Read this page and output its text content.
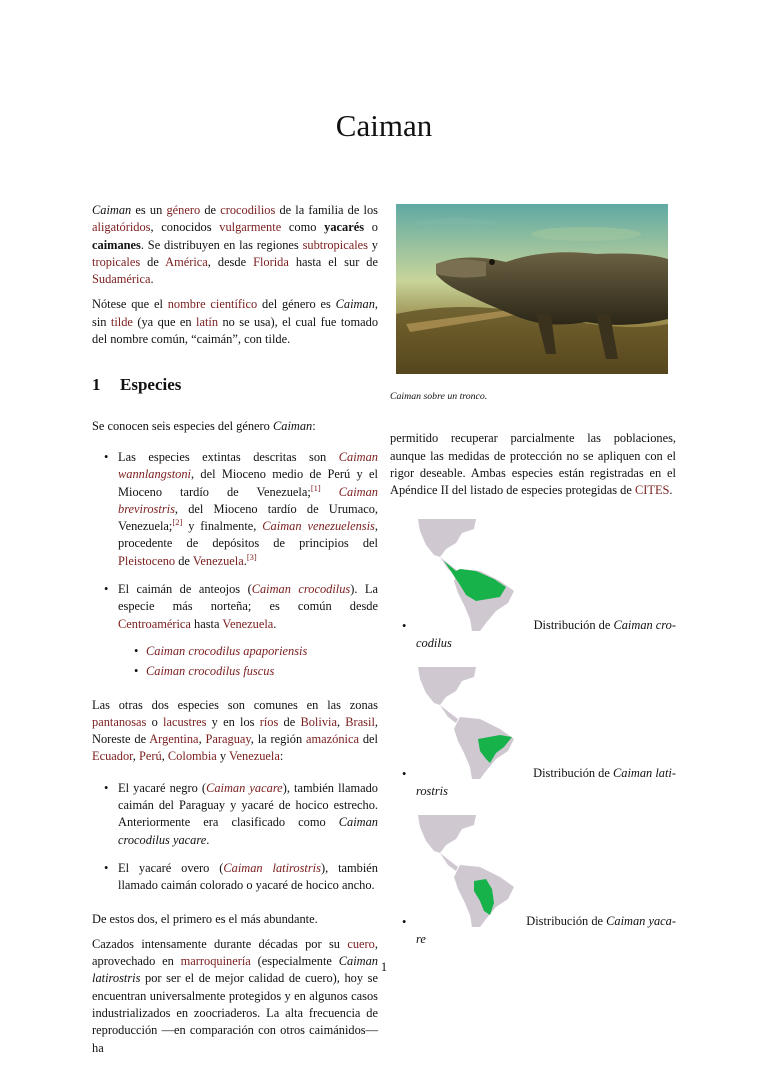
Caiman

Caiman es un género de crocodilios de la familia de los aligatóridos, conocidos vulgarmente como yacarés o caimanes. Se distribuyen en las regiones subtropicales y tropicales de América, desde Florida hasta el sur de Sudamérica.

Nótese que el nombre científico del género es Caiman, sin tilde (ya que en latín no se usa), el cual fue tomado del nombre común, “caimán”, con tilde.

1 Especies

Se conocen seis especies del género Caiman:

• Las especies extintas descritas son Caiman wannlangstoni, del Mioceno medio de Perú y el Mioceno tardío de Venezuela;[1] Caiman brevirostris, del Mioceno tardío de Urumaco, Venezuela;[2] y finalmente, Caiman venezuelensis, procedente de depósitos de principios del Pleistoceno de Venezuela.[3]
• El caimán de anteojos (Caiman crocodilus). La especie más norteña; es común desde Centroamérica hasta Venezuela.
• Caiman crocodilus apaporiensis
• Caiman crocodilus fuscus

Las otras dos especies son comunes en las zonas pantanosas o lacustres y en los ríos de Bolivia, Brasil, Noreste de Argentina, Paraguay, la región amazónica del Ecuador, Perú, Colombia y Venezuela:

• El yacaré negro (Caiman yacare), también llamado caimán del Paraguay y yacaré de hocico estrecho. Anteriormente era clasificado como Caiman crocodilus yacare.
• El yacaré overo (Caiman latirostris), también llamado caimán colorado o yacaré de hocico ancho.

De estos dos, el primero es el más abundante.

Cazados intensamente durante décadas por su cuero, aprovechado en marroquinería (especialmente Caiman latirostris por ser el de mejor calidad de cuero), hoy se encuentran universalmente protegidos y en algunos casos industrializados en zoocriaderos. La alta frecuencia de reproducción —en comparación con otros caimánidos— ha

Caiman sobre un tronco.

permitido recuperar parcialmente las poblaciones, aunque las medidas de protección no se apliquen con el rigor deseable. Ambas especies están registradas en el Apéndice II del listado de especies protegidas de CITES.

•	Distribución de Caiman cro-
codilus
•	Distribución de Caiman lati-
rostris
•	Distribución de Caiman yaca-
re
1
